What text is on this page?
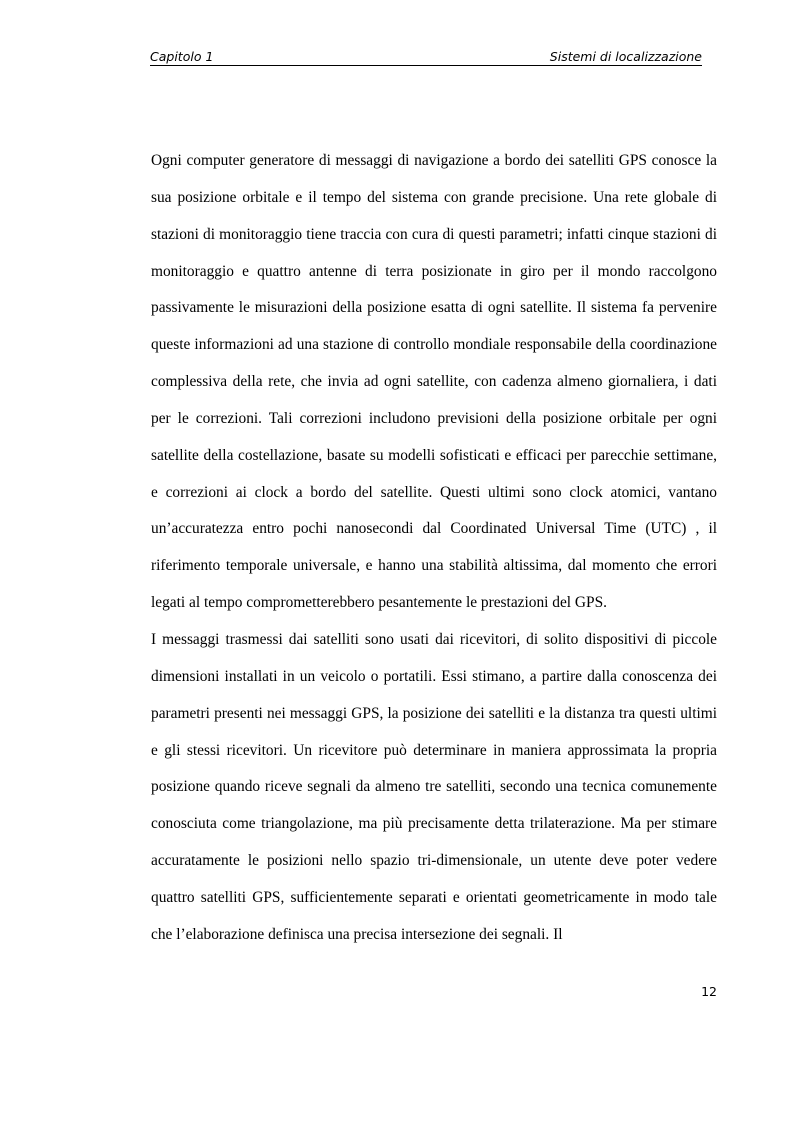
Capitolo 1	Sistemi di localizzazione

Ogni computer generatore di messaggi di navigazione a bordo dei satelliti GPS conosce la sua posizione orbitale e il tempo del sistema con grande precisione. Una rete globale di stazioni di monitoraggio tiene traccia con cura di questi parametri; infatti cinque stazioni di monitoraggio e quattro antenne di terra posizionate in giro per il mondo raccolgono passivamente le misurazioni della posizione esatta di ogni satellite. Il sistema fa pervenire queste informazioni ad una stazione di controllo mondiale responsabile della coordinazione complessiva della rete, che invia ad ogni satellite, con cadenza almeno giornaliera, i dati per le correzioni. Tali correzioni includono previsioni della posizione orbitale per ogni satellite della costellazione, basate su modelli sofisticati e efficaci per parecchie settimane, e correzioni ai clock a bordo del satellite. Questi ultimi sono clock atomici, vantano un’accuratezza entro pochi nanosecondi dal Coordinated Universal Time (UTC) , il riferimento temporale universale, e hanno una stabilità altissima, dal momento che errori legati al tempo comprometterebbero pesantemente le prestazioni del GPS.

I messaggi trasmessi dai satelliti sono usati dai ricevitori, di solito dispositivi di piccole dimensioni installati in un veicolo o portatili. Essi stimano, a partire dalla conoscenza dei parametri presenti nei messaggi GPS, la posizione dei satelliti e la distanza tra questi ultimi e gli stessi ricevitori. Un ricevitore può determinare in maniera approssimata la propria posizione quando riceve segnali da almeno tre satelliti, secondo una tecnica comunemente conosciuta come triangolazione, ma più precisamente detta trilaterazione. Ma per stimare accuratamente le posizioni nello spazio tri-dimensionale, un utente deve poter vedere quattro satelliti GPS, sufficientemente separati e orientati geometricamente in modo tale che l’elaborazione definisca una precisa intersezione dei segnali. Il

12
